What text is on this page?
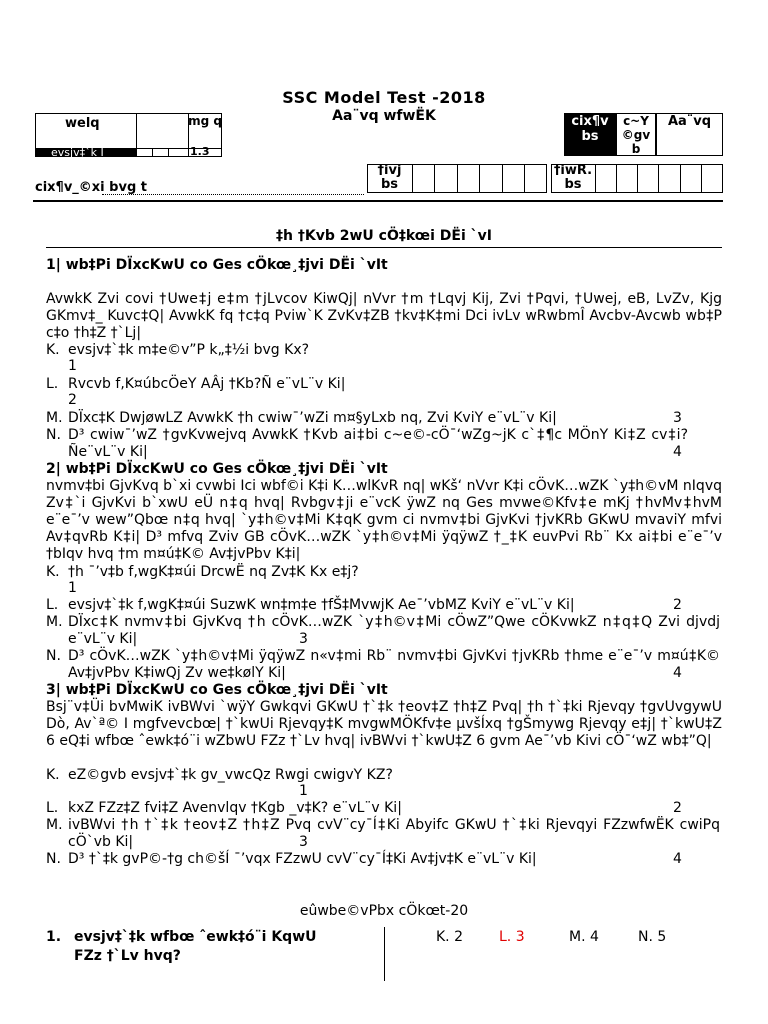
SSC Model Test -2018
Aa¨vq wfwËK
welq	mg q
evsjv‡`k I	1.3
cix¶v bs
c~Y ©gv b
Aa¨vq
cix¶v_©xi bvg t
†ivj bs
†iwR. bs
‡h †Kvb 2wU cÖ‡kœi DËi `vI
1| wb‡Pi DÏxcKwU co Ges cÖkœ¸‡jvi DËi `vIt
AvwkK Zvi covi †Uwe‡j e‡m †jLvcov KiwQj| nVvr †m †Lqvj Kij, Zvi †Pqvi, †Uwej, eB, LvZv, Kjg GKmv‡_ Kuvc‡Q| AvwkK fq †c‡q Pviw`K ZvKv‡ZB †kv‡K‡mi Dci ivLv wRwbmÎ Avcbv-Avcwb wb‡P c‡o †h‡Z †`Lj|
K. evsjv‡`‡k m‡e©v”P k„‡½i bvg Kx?
1
L. Rvcvb f‚K¤úbcÖeY AÂj †Kb?Ñ e¨vL¨v Ki|
2
M. DÏxc‡K DwjøwLZ AvwkK †h cwiw¯’wZi m¤§yLxb nq, Zvi KviY e¨vL¨v Ki|	3
N. D³ cwiw¯’wZ †gvKvwejvq AvwkK †Kvb ai‡bi c~e©-cÖ¯‘wZg~jK c`‡¶c MÖnY Ki‡Z cv‡i?Ñe¨vL¨v Ki|	4
2| wb‡Pi DÏxcKwU co Ges cÖkœ¸‡jvi DËi `vIt
nvmv‡bi GjvKvq b`xi cvwbi Ici wbf©i K‡i K…wlKvR nq| wKš‘ nVvr K‡i cÖvK…wZK `y‡h©vM nIqvq Zv‡`i GjvKvi b`xwU eÜ n‡q hvq| Rvbgv‡ji e¨vcK ÿwZ nq Ges mvwe©Kfv‡e mKj †hvMv‡hvM e¨e¯’v wew”Qbœ n‡q hvq| `y‡h©v‡Mi K‡qK gvm ci nvmv‡bi GjvKvi †jvKRb GKwU mvaviY mfvi Av‡qvRb K‡i| D³ mfvq Zviv GB cÖvK…wZK `y‡h©v‡Mi ÿqÿwZ †_‡K euvPvi Rb¨ Kx ai‡bi e¨e¯’v †bIqv hvq †m m¤ú‡K© Av‡jvPbv K‡i|
K. †h ¯’v‡b f‚wgK‡¤úi DrcwË nq Zv‡K Kx e‡j?
1
L. evsjv‡`‡k f‚wgK‡¤úi SuzwK wn‡m‡e †fŠ‡MvwjK Ae¯’vbMZ KviY e¨vL¨v Ki|	2
M. DÏxc‡K nvmv‡bi GjvKvq †h cÖvK…wZK `y‡h©v‡Mi cÖwZ”Qwe cÖKvwkZ n‡q‡Q Zvi djvdj e¨vL¨v Ki|	3
N. D³ cÖvK…wZK `y‡h©v‡Mi ÿqÿwZ n«v‡mi Rb¨ nvmv‡bi GjvKvi †jvKRb †hme e¨e¯’v m¤ú‡K© Av‡jvPbv K‡iwQj Zv we‡kølY Ki|	4
3| wb‡Pi DÏxcKwU co Ges cÖkœ¸‡jvi DËi `vIt
Bsj¨v‡Üi bvMwiK ivBWvi `wÿY Gwkqvi GKwU †`‡k †eov‡Z †h‡Z Pvq| †h †`‡ki Rjevqy †gvUvgywU Dò, Av`ª© I mgfvevcbœ| †`kwUi Rjevqy‡K mvgwMÖKfv‡e µvšÍxq †gŠmywg Rjevqy e‡j| †`kwU‡Z 6 eQ‡i wfbœ ˆewk‡ó¨i wZbwU FZz †`Lv hvq| ivBWvi †`kwU‡Z 6 gvm Ae¯’vb Kivi cÖ¯‘wZ wb‡”Q|
K. eZ©gvb evsjv‡`‡k gv_vwcQz Rwgi cwigvY KZ?
1
L. kxZ FZz‡Z fvi‡Z Avenvlqv †Kgb _v‡K? e¨vL¨v Ki|	2
M. ivBWvi †h †`‡k †eov‡Z †h‡Z Pvq cvV¨cy¯Í‡Ki Abyifc GKwU †`‡ki Rjevqyi FZzwfwËK cwiPq cÖ`vb Ki|	3
N. D³ †`‡k gvP©-†g ch©šÍ ¯’vqx FZzwU cvV¨cy¯Í‡Ki Av‡jv‡K e¨vL¨v Ki|	4
eûwbe©vPbx cÖkœt-20
1. evsjv‡`‡k wfbœ ˆewk‡ó¨i KqwU
FZz †`Lv hvq?
K. 2	L. 3	M. 4	N. 5
